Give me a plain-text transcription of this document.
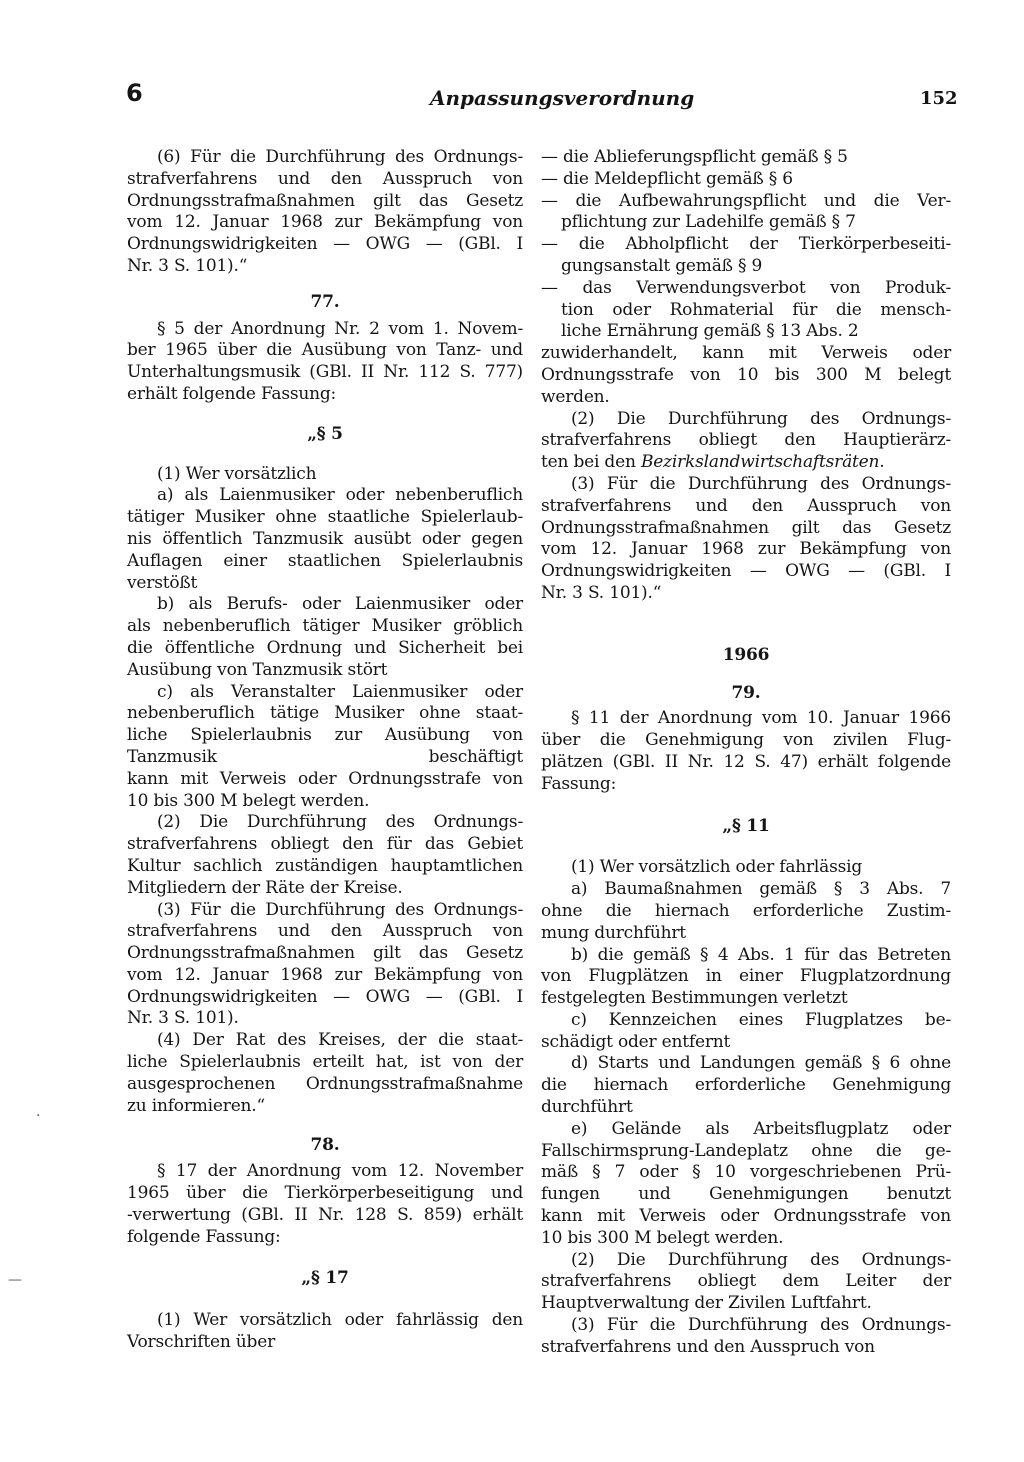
6	Anpassungsverordnung	152

(6) Für die Durchführung des Ordnungs-

strafverfahrens und den Ausspruch von

Ordnungsstrafmaßnahmen gilt das Gesetz

vom 12. Januar 1968 zur Bekämpfung von

Ordnungswidrigkeiten — OWG — (GBl. I

Nr. 3 S. 101).“

77.

§ 5 der Anordnung Nr. 2 vom 1. Novem-

ber 1965 über die Ausübung von Tanz- und

Unterhaltungsmusik (GBl. II Nr. 112 S. 777)

erhält folgende Fassung:

„§ 5

(1) Wer vorsätzlich

a) als Laienmusiker oder nebenberuflich

tätiger Musiker ohne staatliche Spielerlaub-

nis öffentlich Tanzmusik ausübt oder gegen

Auflagen einer staatlichen Spielerlaubnis

verstößt

b) als Berufs- oder Laienmusiker oder

als nebenberuflich tätiger Musiker gröblich

die öffentliche Ordnung und Sicherheit bei

Ausübung von Tanzmusik stört

c) als Veranstalter Laienmusiker oder

nebenberuflich tätige Musiker ohne staat-

liche Spielerlaubnis zur Ausübung von

Tanzmusik beschäftigt

kann mit Verweis oder Ordnungsstrafe von

10 bis 300 M belegt werden.

(2) Die Durchführung des Ordnungs-

strafverfahrens obliegt den für das Gebiet

Kultur sachlich zuständigen hauptamtlichen

Mitgliedern der Räte der Kreise.

(3) Für die Durchführung des Ordnungs-

strafverfahrens und den Ausspruch von

Ordnungsstrafmaßnahmen gilt das Gesetz

vom 12. Januar 1968 zur Bekämpfung von

Ordnungswidrigkeiten — OWG — (GBl. I

Nr. 3 S. 101).

(4) Der Rat des Kreises, der die staat-

liche Spielerlaubnis erteilt hat, ist von der

ausgesprochenen Ordnungsstrafmaßnahme

zu informieren.“

78.

§ 17 der Anordnung vom 12. November

1965 über die Tierkörperbeseitigung und

-verwertung (GBl. II Nr. 128 S. 859) erhält

folgende Fassung:

„§ 17

(1) Wer vorsätzlich oder fahrlässig den

Vorschriften über

— die Ablieferungspflicht gemäß § 5

— die Meldepflicht gemäß § 6

— die Aufbewahrungspflicht und die Ver-

pflichtung zur Ladehilfe gemäß § 7

— die Abholpflicht der Tierkörperbeseiti-

gungsanstalt gemäß § 9

— das Verwendungsverbot von Produk-

tion oder Rohmaterial für die mensch-

liche Ernährung gemäß § 13 Abs. 2

zuwiderhandelt, kann mit Verweis oder

Ordnungsstrafe von 10 bis 300 M belegt

werden.

(2) Die Durchführung des Ordnungs-

strafverfahrens obliegt den Hauptierärz-

ten bei den Bezirkslandwirtschaftsräten.

(3) Für die Durchführung des Ordnungs-

strafverfahrens und den Ausspruch von

Ordnungsstrafmaßnahmen gilt das Gesetz

vom 12. Januar 1968 zur Bekämpfung von

Ordnungswidrigkeiten — OWG — (GBl. I

Nr. 3 S. 101).“

1966

79.

§ 11 der Anordnung vom 10. Januar 1966

über die Genehmigung von zivilen Flug-

plätzen (GBl. II Nr. 12 S. 47) erhält folgende

Fassung:

„§ 11

(1) Wer vorsätzlich oder fahrlässig

a) Baumaßnahmen gemäß § 3 Abs. 7

ohne die hiernach erforderliche Zustim-

mung durchführt

b) die gemäß § 4 Abs. 1 für das Betreten

von Flugplätzen in einer Flugplatzordnung

festgelegten Bestimmungen verletzt

c) Kennzeichen eines Flugplatzes be-

schädigt oder entfernt

d) Starts und Landungen gemäß § 6 ohne

die hiernach erforderliche Genehmigung

durchführt

e) Gelände als Arbeitsflugplatz oder

Fallschirmsprung-Landeplatz ohne die ge-

mäß § 7 oder § 10 vorgeschriebenen Prü-

fungen und Genehmigungen benutzt

kann mit Verweis oder Ordnungsstrafe von

10 bis 300 M belegt werden.

(2) Die Durchführung des Ordnungs-

strafverfahrens obliegt dem Leiter der

Hauptverwaltung der Zivilen Luftfahrt.

(3) Für die Durchführung des Ordnungs-

strafverfahrens und den Ausspruch von

·
—
